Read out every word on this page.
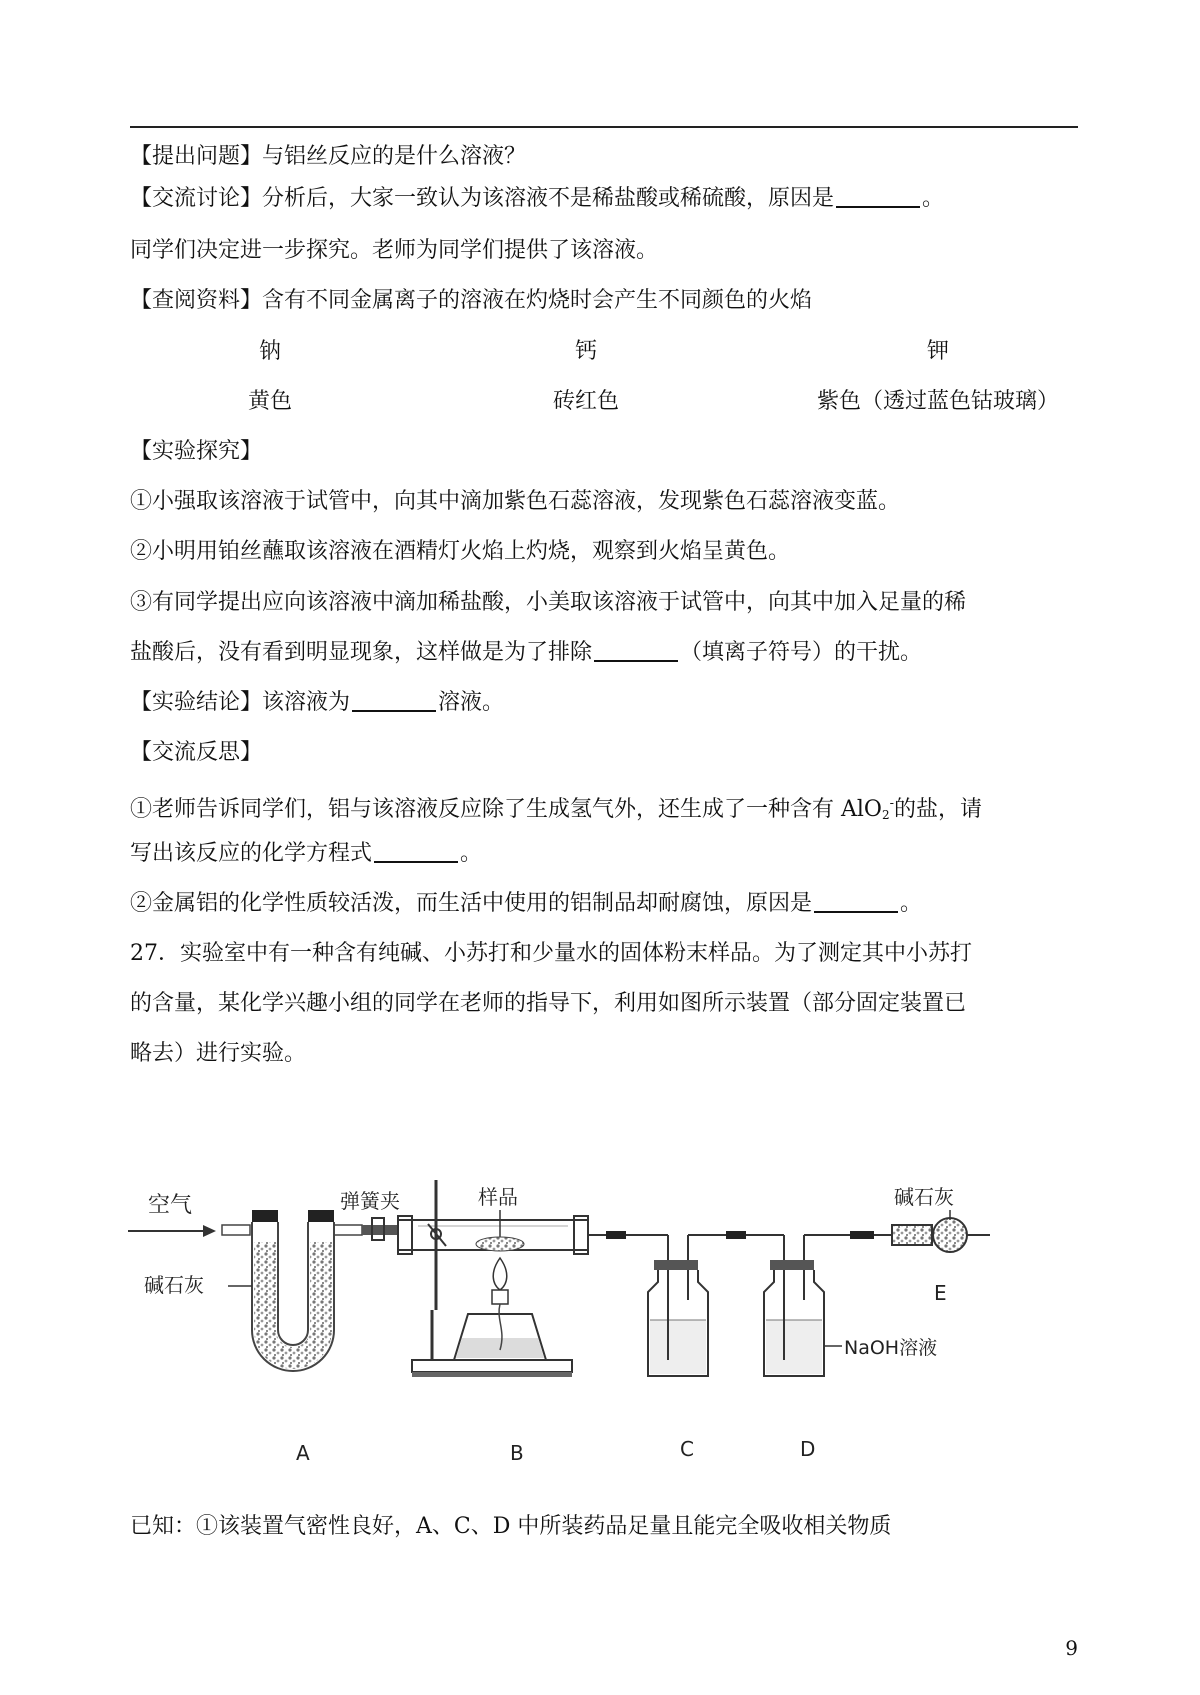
【提出问题】与铝丝反应的是什么溶液？
【交流讨论】分析后，大家一致认为该溶液不是稀盐酸或稀硫酸，原因是	。
同学们决定进一步探究。老师为同学们提供了该溶液。
【查阅资料】含有不同金属离子的溶液在灼烧时会产生不同颜色的火焰
钠	钙	钾
黄色	砖红色	紫色（透过蓝色钴玻璃）
【实验探究】
①小强取该溶液于试管中，向其中滴加紫色石蕊溶液，发现紫色石蕊溶液变蓝。
②小明用铂丝蘸取该溶液在酒精灯火焰上灼烧，观察到火焰呈黄色。
③有同学提出应向该溶液中滴加稀盐酸，小美取该溶液于试管中，向其中加入足量的稀
盐酸后，没有看到明显现象，这样做是为了排除	（填离子符号）的干扰。
【实验结论】该溶液为	溶液。
【交流反思】
①老师告诉同学们，铝与该溶液反应除了生成氢气外，还生成了一种含有 AlO$_2$-的盐，请
写出该反应的化学方程式	。
②金属铝的化学性质较活泼，而生活中使用的铝制品却耐腐蚀，原因是	。
27．实验室中有一种含有纯碱、小苏打和少量水的固体粉末样品。为了测定其中小苏打
的含量，某化学兴趣小组的同学在老师的指导下，利用如图所示装置（部分固定装置已
略去）进行实验。
空气
碱石灰
弹簧夹	样品
NaOH溶液
碱石灰
A	B	C	D
E
已知：①该装置气密性良好，A、C、D 中所装药品足量且能完全吸收相关物质
9
